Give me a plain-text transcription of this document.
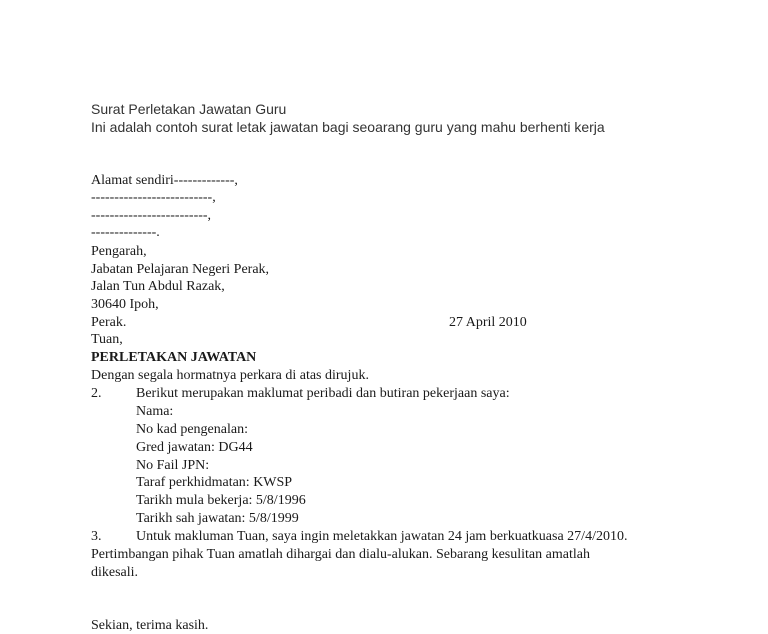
Surat Perletakan Jawatan Guru
Ini adalah contoh surat letak jawatan bagi seoarang guru yang mahu berhenti kerja
Alamat sendiri-------------,
--------------------------,
-------------------------,
--------------.
Pengarah,
Jabatan Pelajaran Negeri Perak,
Jalan Tun Abdul Razak,
30640 Ipoh,
Perak.	27 April 2010
Tuan,
PERLETAKAN JAWATAN
Dengan segala hormatnya perkara di atas dirujuk.
2. Berikut merupakan maklumat peribadi dan butiran pekerjaan saya:
Nama:
No kad pengenalan:
Gred jawatan: DG44
No Fail JPN:
Taraf perkhidmatan: KWSP
Tarikh mula bekerja: 5/8/1996
Tarikh sah jawatan: 5/8/1999
3. Untuk makluman Tuan, saya ingin meletakkan jawatan 24 jam berkuatkuasa 27/4/2010.
Pertimbangan pihak Tuan amatlah dihargai dan dialu-alukan. Sebarang kesulitan amatlah
dikesali.
Sekian, terima kasih.
